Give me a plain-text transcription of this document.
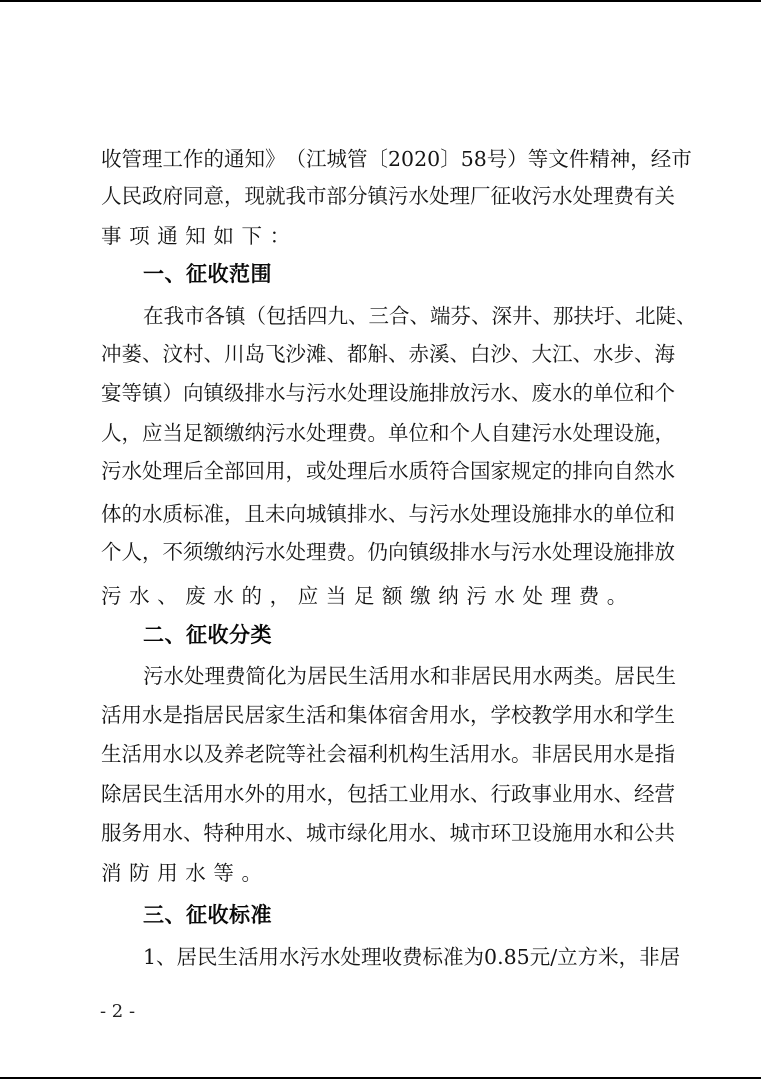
收 管 理 工 作 的 通 知 》 （ 江 城 管 〔 2 0 2 0 〕 5 8 号 ） 等 文 件 精 神 ， 经 市
人 民 政 府 同 意 ， 现 就 我 市 部 分 镇 污 水 处 理 厂 征 收 污 水 处 理 费 有 关
事项通知如下：
一、征收范围
在 我 市 各 镇 （ 包 括 四 九 、 三 合 、 端 芬 、 深 井 、 那 扶 圩 、 北 陡 、
冲 蒌 、 汶 村 、 川 岛 飞 沙 滩 、 都 斛 、 赤 溪 、 白 沙 、 大 江 、 水 步 、 海
宴 等 镇 ） 向 镇 级 排 水 与 污 水 处 理 设 施 排 放 污 水 、 废 水 的 单 位 和 个
人 ， 应 当 足 额 缴 纳 污 水 处 理 费 。 单 位 和 个 人 自 建 污 水 处 理 设 施 ，
污 水 处 理 后 全 部 回 用 ， 或 处 理 后 水 质 符 合 国 家 规 定 的 排 向 自 然 水
体 的 水 质 标 准 ， 且 未 向 城 镇 排 水 、 与 污 水 处 理 设 施 排 水 的 单 位 和
个 人 ， 不 须 缴 纳 污 水 处 理 费 。 仍 向 镇 级 排 水 与 污 水 处 理 设 施 排 放
污水、废水的，应当足额缴纳污水处理费。
二、征收分类
污 水 处 理 费 简 化 为 居 民 生 活 用 水 和 非 居 民 用 水 两 类 。 居 民 生
活 用 水 是 指 居 民 居 家 生 活 和 集 体 宿 舍 用 水 ， 学 校 教 学 用 水 和 学 生
生 活 用 水 以 及 养 老 院 等 社 会 福 利 机 构 生 活 用 水 。 非 居 民 用 水 是 指
除 居 民 生 活 用 水 外 的 用 水 ， 包 括 工 业 用 水 、 行 政 事 业 用 水 、 经 营
服 务 用 水 、 特 种 用 水 、 城 市 绿 化 用 水 、 城 市 环 卫 设 施 用 水 和 公 共
消防用水等。
三、征收标准
1 、 居 民 生 活 用 水 污 水 处 理 收 费 标 准 为 0 . 8 5 元 / 立 方 米 ， 非 居
- 2 -
